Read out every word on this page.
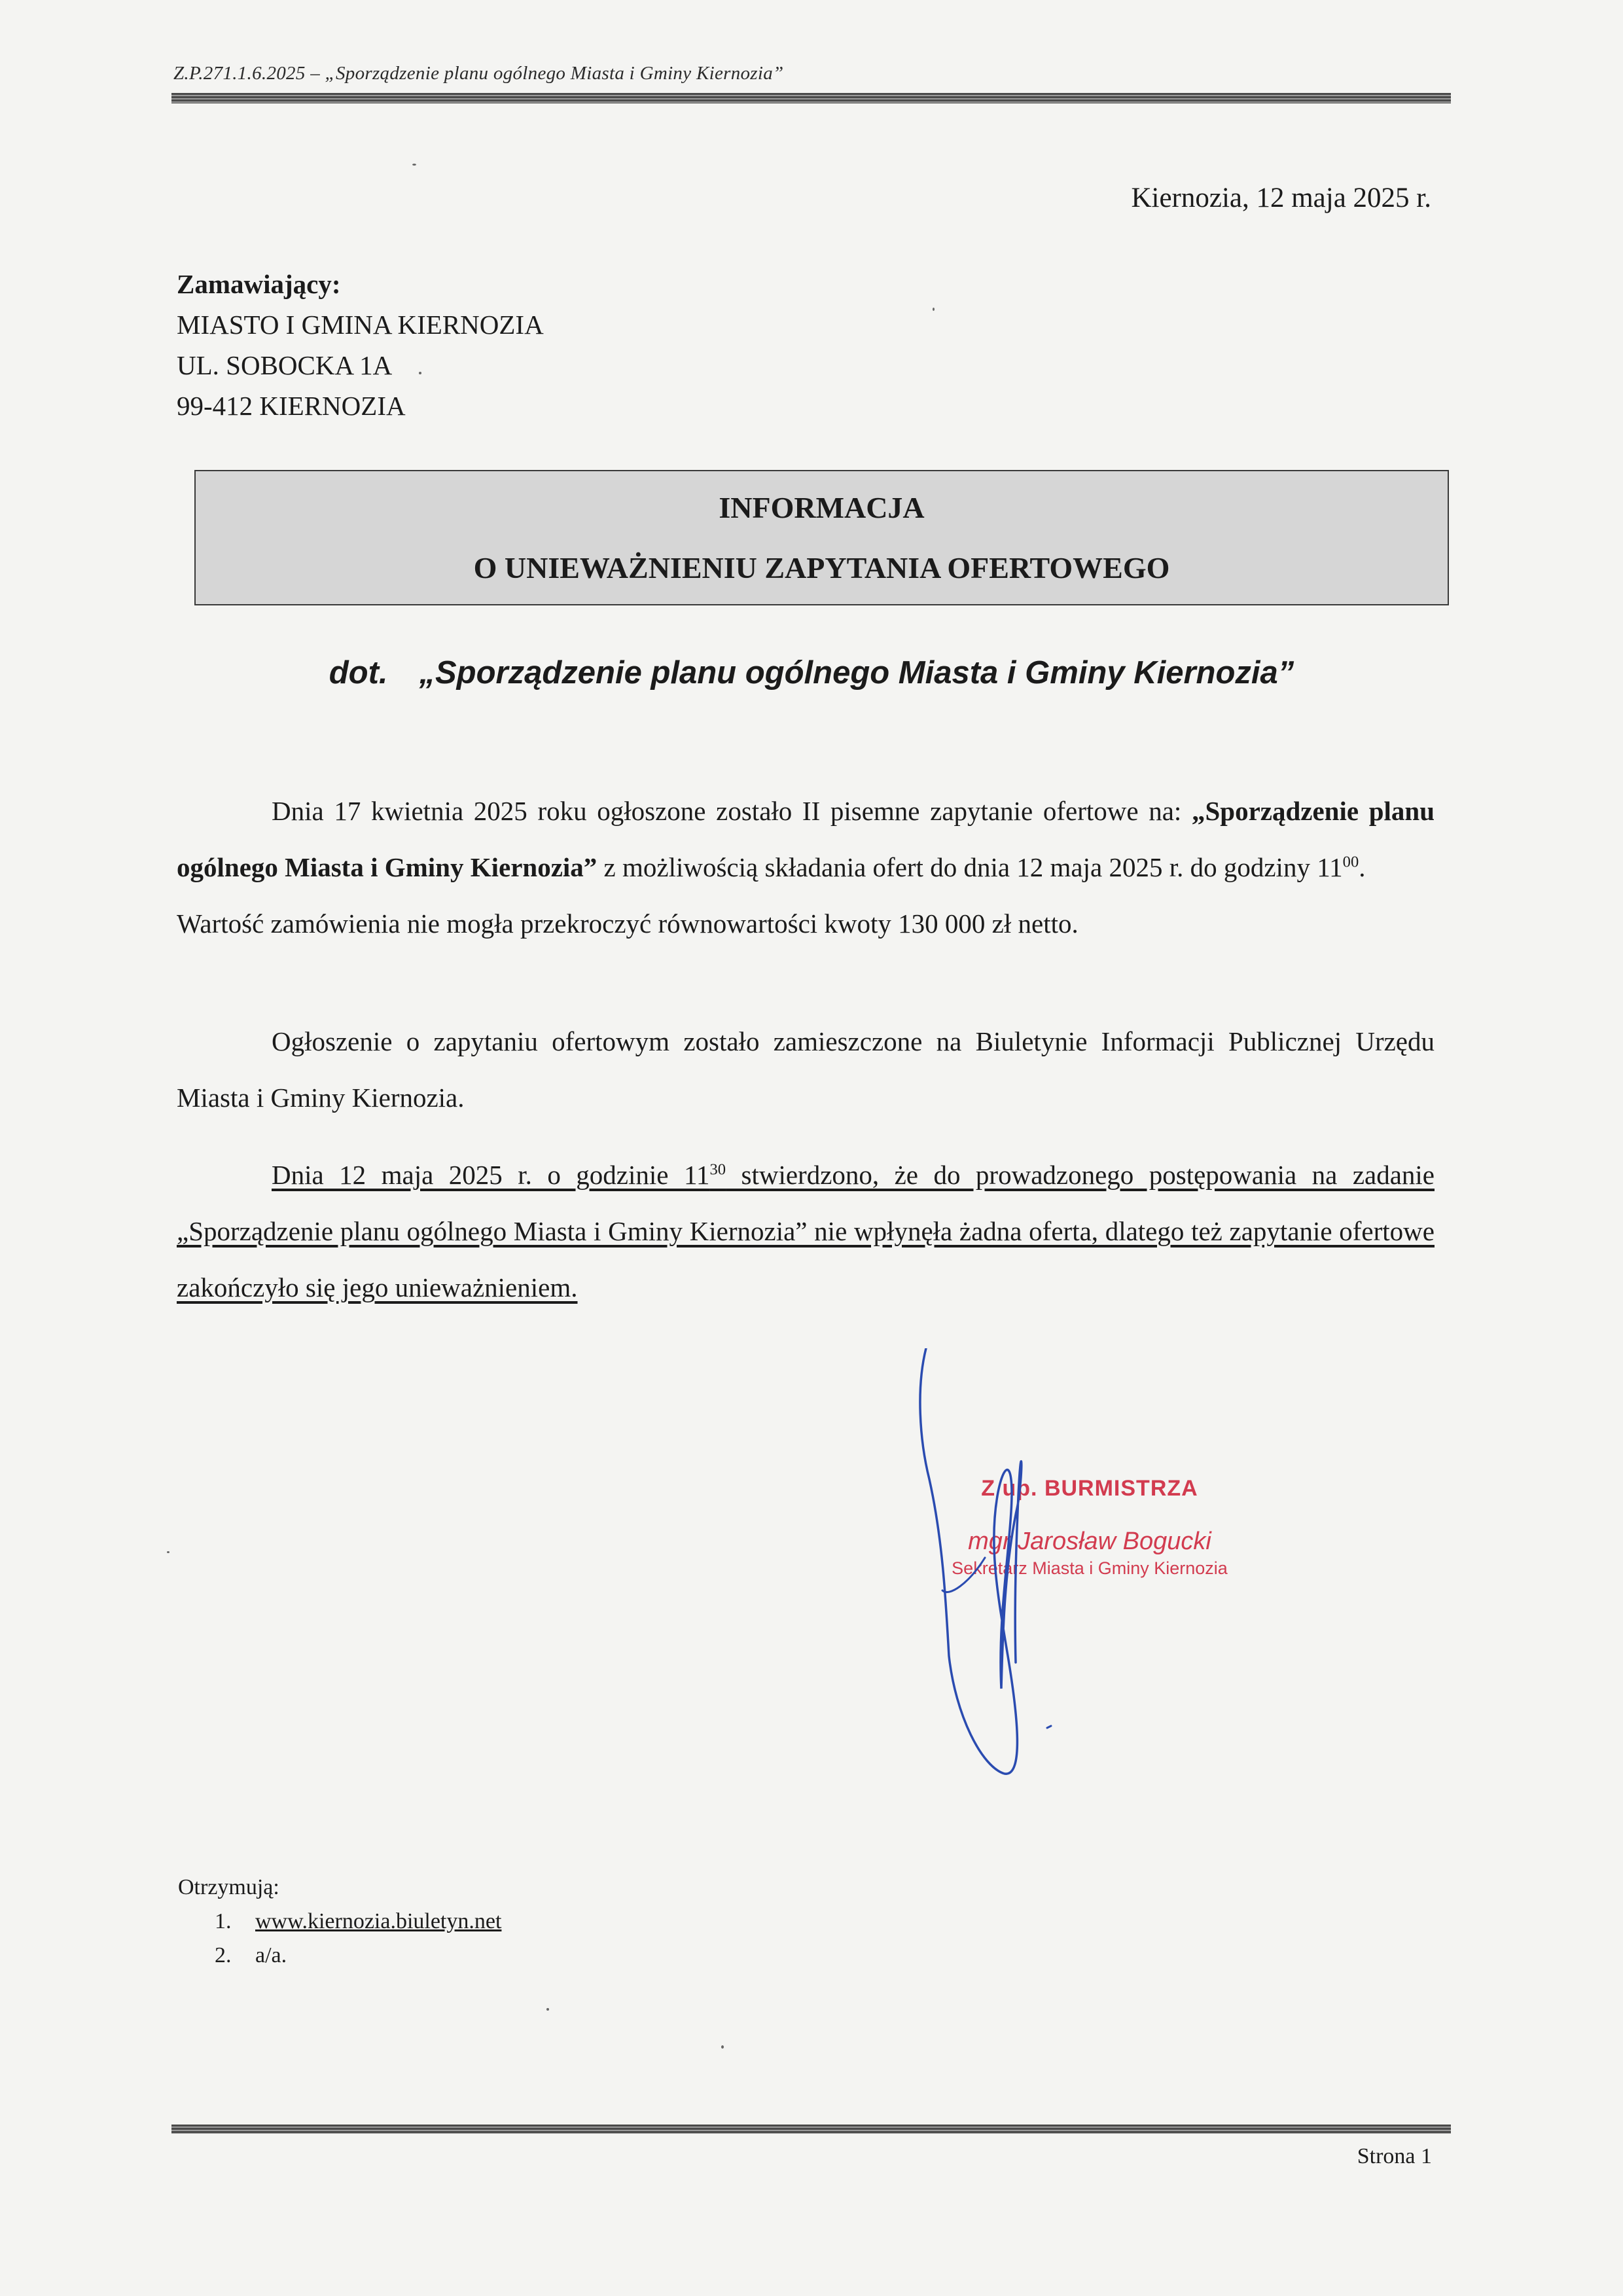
Z.P.271.1.6.2025 – „Sporządzenie planu ogólnego Miasta i Gminy Kiernozia”
Kiernozia, 12 maja 2025 r.
Zamawiający:
MIASTO I GMINA KIERNOZIA
UL. SOBOCKA 1A
99-412 KIERNOZIA
INFORMACJA
O UNIEWAŻNIENIU ZAPYTANIA OFERTOWEGO
dot. „Sporządzenie planu ogólnego Miasta i Gminy Kiernozia”
Dnia 17 kwietnia 2025 roku ogłoszone zostało II pisemne zapytanie ofertowe na: „Sporządzenie planu ogólnego Miasta i Gminy Kiernozia” z możliwością składania ofert do dnia 12 maja 2025 r. do godziny $11^{00}$.
Wartość zamówienia nie mogła przekroczyć równowartości kwoty 130 000 zł netto.
Ogłoszenie o zapytaniu ofertowym zostało zamieszczone na Biuletynie Informacji Publicznej Urzędu Miasta i Gminy Kiernozia.
Dnia 12 maja 2025 r. o godzinie $11^{30}$ stwierdzono, że do prowadzonego postępowania na zadanie „Sporządzenie planu ogólnego Miasta i Gminy Kiernozia” nie wpłynęła żadna oferta, dlatego też zapytanie ofertowe zakończyło się jego unieważnieniem.
Z up. BURMISTRZA
mgr Jarosław Bogucki
Sekretarz Miasta i Gminy Kiernozia
Otrzymują:
1. www.kiernozia.biuletyn.net
2. a/a.
Strona 1
